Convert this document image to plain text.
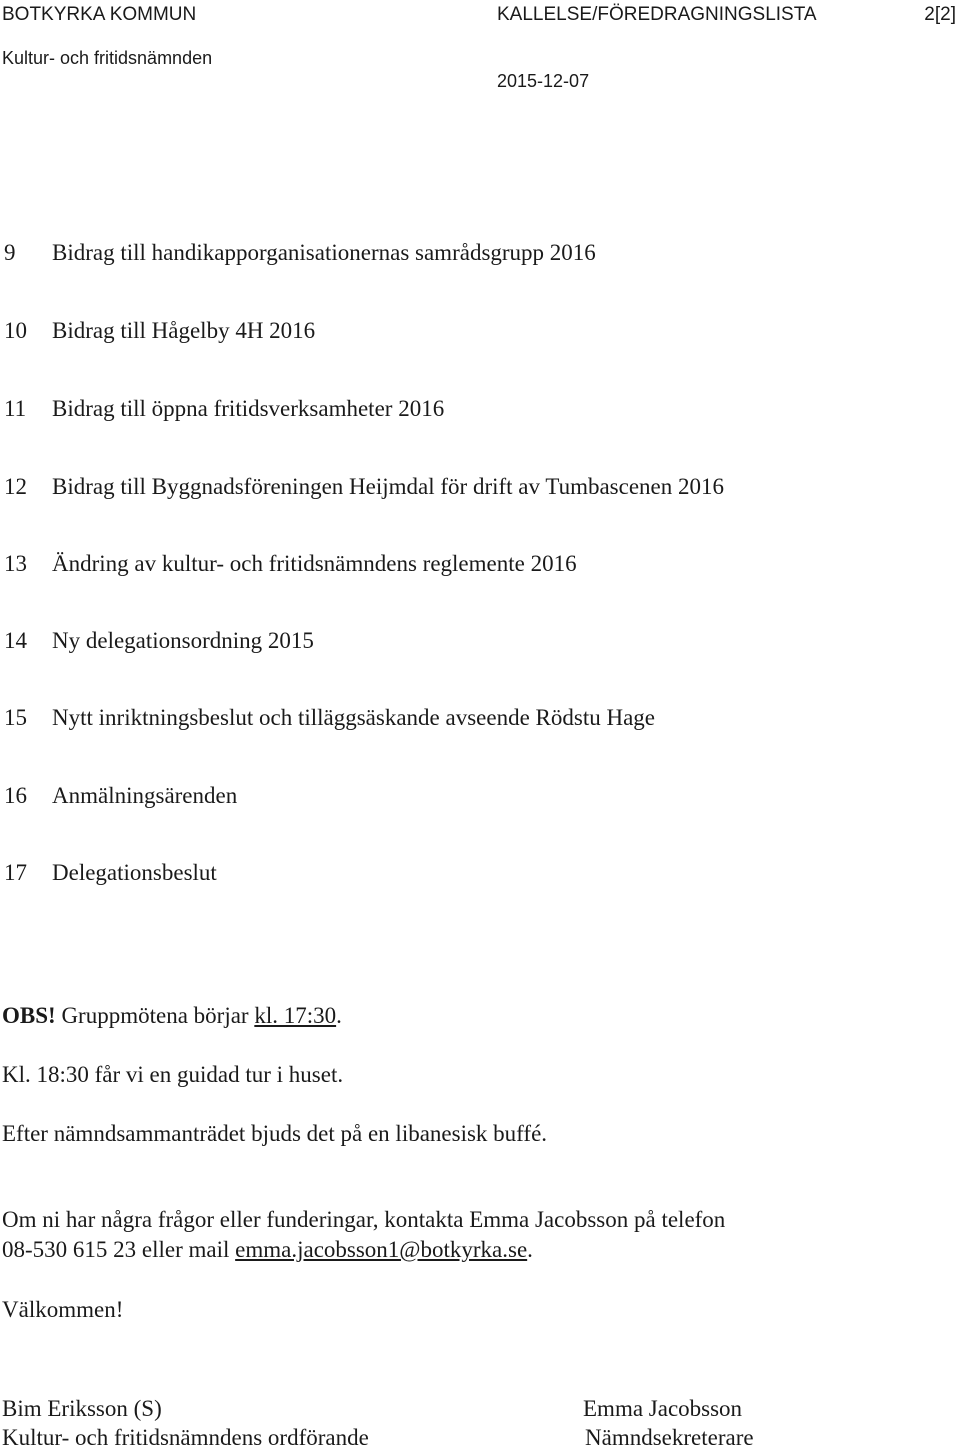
BOTKYRKA KOMMUN	KALLELSE/FÖREDRAGNINGSLISTA	2[2]
Kultur- och fritidsnämnden
2015-12-07
9 Bidrag till handikapporganisationernas samrådsgrupp 2016
10 Bidrag till Hågelby 4H 2016
11 Bidrag till öppna fritidsverksamheter 2016
12 Bidrag till Byggnadsföreningen Heijmdal för drift av Tumbascenen 2016
13 Ändring av kultur- och fritidsnämndens reglemente 2016
14 Ny delegationsordning 2015
15 Nytt inriktningsbeslut och tilläggsäskande avseende Rödstu Hage
16 Anmälningsärenden
17 Delegationsbeslut
OBS! Gruppmötena börjar kl. 17:30.
Kl. 18:30 får vi en guidad tur i huset.
Efter nämndsammanträdet bjuds det på en libanesisk buffé.
Om ni har några frågor eller funderingar, kontakta Emma Jacobsson på telefon
08-530 615 23 eller mail emma.jacobsson1@botkyrka.se.
Välkommen!
Bim Eriksson (S)
Kultur- och fritidsnämndens ordförande
Emma Jacobsson
Nämndsekreterare
